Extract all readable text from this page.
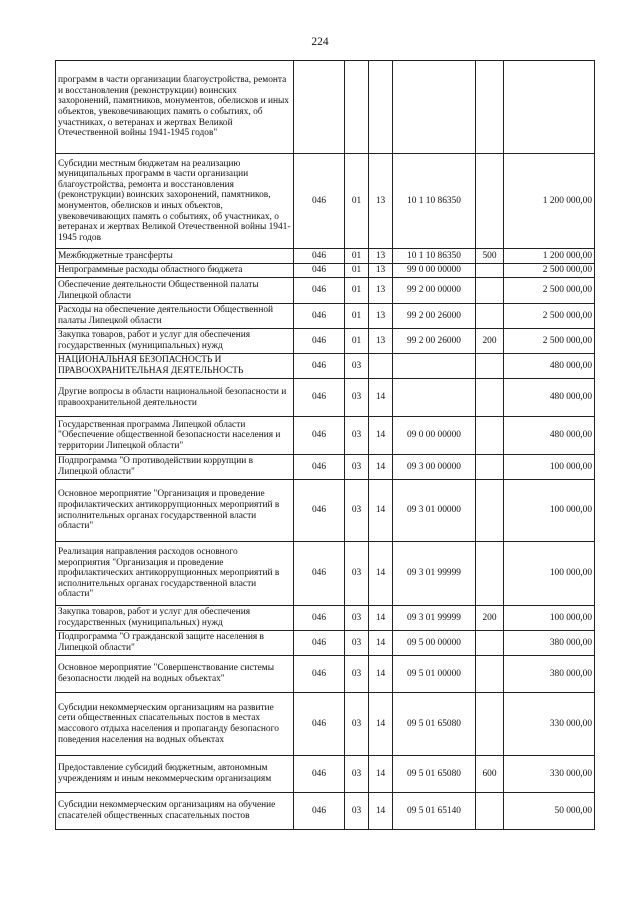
224
программ в части организации благоустройства, ремонта и восстановления (реконструкции) воинских захоронений, памятников, монументов, обелисков и иных объектов, увековечивающих память о событиях, об участниках, о ветеранах и жертвах Великой Отечественной войны 1941-1945 годов"						
Субсидии местным бюджетам на реализацию муниципальных программ в части организации благоустройства, ремонта и восстановления (реконструкции) воинских захоронений, памятников, монументов, обелисков и иных объектов, увековечивающих память о событиях, об участниках, о ветеранах и жертвах Великой Отечественной войны 1941-1945 годов	046	01	13	10 1 10 86350		1 200 000,00
Межбюджетные трансферты	046	01	13	10 1 10 86350	500	1 200 000,00
Непрограммные расходы областного бюджета	046	01	13	99 0 00 00000		2 500 000,00
Обеспечение деятельности Общественной палаты Липецкой области	046	01	13	99 2 00 00000		2 500 000,00
Расходы на обеспечение деятельности Общественной палаты Липецкой области	046	01	13	99 2 00 26000		2 500 000,00
Закупка товаров, работ и услуг для обеспечения государственных (муниципальных) нужд	046	01	13	99 2 00 26000	200	2 500 000,00
НАЦИОНАЛЬНАЯ БЕЗОПАСНОСТЬ И ПРАВООХРАНИТЕЛЬНАЯ ДЕЯТЕЛЬНОСТЬ	046	03				480 000,00
Другие вопросы в области национальной безопасности и правоохранительной деятельности	046	03	14			480 000,00
Государственная программа Липецкой области "Обеспечение общественной безопасности населения и территории Липецкой области"	046	03	14	09 0 00 00000		480 000,00
Подпрограмма "О противодействии коррупции в Липецкой области"	046	03	14	09 3 00 00000		100 000,00
Основное мероприятие "Организация и проведение профилактических антикоррупционных мероприятий в исполнительных органах государственной власти области"	046	03	14	09 3 01 00000		100 000,00
Реализация направления расходов основного мероприятия "Организация и проведение профилактических антикоррупционных мероприятий в исполнительных органах государственной власти области"	046	03	14	09 3 01 99999		100 000,00
Закупка товаров, работ и услуг для обеспечения государственных (муниципальных) нужд	046	03	14	09 3 01 99999	200	100 000,00
Подпрограмма "О гражданской защите населения в Липецкой области"	046	03	14	09 5 00 00000		380 000,00
Основное мероприятие "Совершенствование системы безопасности людей на водных объектах"	046	03	14	09 5 01 00000		380 000,00
Субсидии некоммерческим организациям на развитие сети общественных спасательных постов в местах массового отдыха населения и пропаганду безопасного поведения населения на водных объектах	046	03	14	09 5 01 65080		330 000,00
Предоставление субсидий бюджетным, автономным учреждениям и иным некоммерческим организациям	046	03	14	09 5 01 65080	600	330 000,00
Субсидии некоммерческим организациям на обучение спасателей общественных спасательных постов	046	03	14	09 5 01 65140		50 000,00
